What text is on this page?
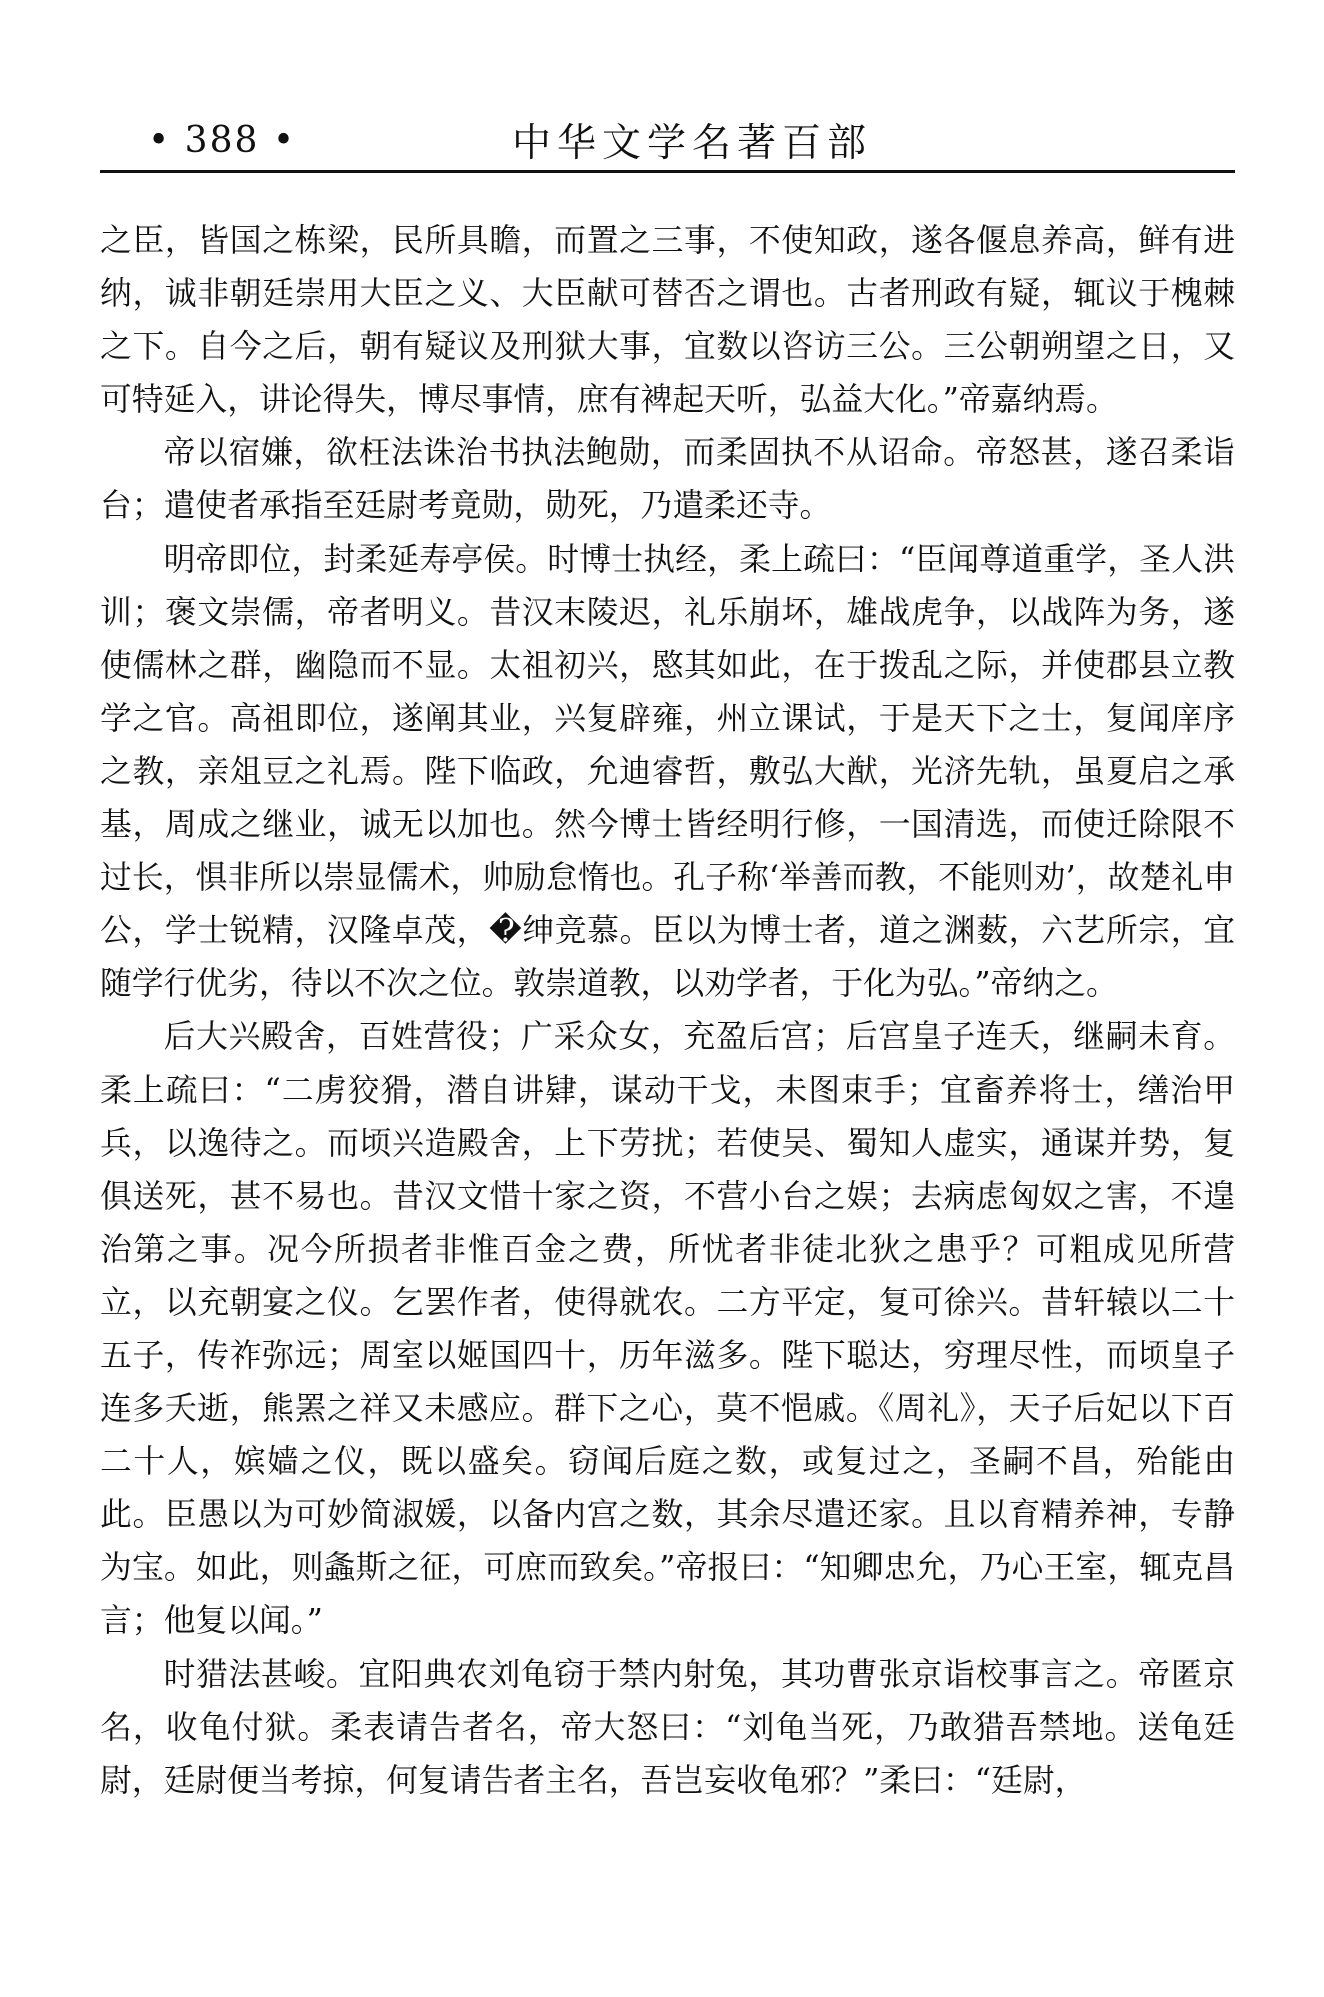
• 388 •	中华文学名著百部

之臣，皆国之栋梁，民所具瞻，而置之三事，不使知政，遂各偃息养高，鲜有进纳，诚非朝廷崇用大臣之义、大臣献可替否之谓也。古者刑政有疑，辄议于槐棘之下。自今之后，朝有疑议及刑狱大事，宜数以咨访三公。三公朝朔望之日，又可特延入，讲论得失，博尽事情，庶有裨起天听，弘益大化。”帝嘉纳焉。

帝以宿嫌，欲枉法诛治书执法鲍勋，而柔固执不从诏命。帝怒甚，遂召柔诣台；遣使者承指至廷尉考竟勋，勋死，乃遣柔还寺。

明帝即位，封柔延寿亭侯。时博士执经，柔上疏曰：“臣闻尊道重学，圣人洪训；褒文崇儒，帝者明义。昔汉末陵迟，礼乐崩坏，雄战虎争，以战阵为务，遂使儒林之群，幽隐而不显。太祖初兴，愍其如此，在于拨乱之际，并使郡县立教学之官。高祖即位，遂阐其业，兴复辟雍，州立课试，于是天下之士，复闻庠序之教，亲俎豆之礼焉。陛下临政，允迪睿哲，敷弘大猷，光济先轨，虽夏启之承基，周成之继业，诚无以加也。然今博士皆经明行修，一国清选，而使迁除限不过长，惧非所以崇显儒术，帅励怠惰也。孔子称‘举善而教，不能则劝’，故楚礼申公，学士锐精，汉隆卓茂，�绅竞慕。臣以为博士者，道之渊薮，六艺所宗，宜随学行优劣，待以不次之位。敦崇道教，以劝学者，于化为弘。”帝纳之。

后大兴殿舍，百姓营役；广采众女，充盈后宫；后宫皇子连夭，继嗣未育。柔上疏曰：“二虏狡猾，潜自讲肄，谋动干戈，未图束手；宜畜养将士，缮治甲兵，以逸待之。而顷兴造殿舍，上下劳扰；若使吴、蜀知人虚实，通谋并势，复俱送死，甚不易也。昔汉文惜十家之资，不营小台之娱；去病虑匈奴之害，不遑治第之事。况今所损者非惟百金之费，所忧者非徒北狄之患乎？可粗成见所营立，以充朝宴之仪。乞罢作者，使得就农。二方平定，复可徐兴。昔轩辕以二十五子，传祚弥远；周室以姬国四十，历年滋多。陛下聪达，穷理尽性，而顷皇子连多夭逝，熊罴之祥又未感应。群下之心，莫不悒戚。《周礼》，天子后妃以下百二十人，嫔嫱之仪，既以盛矣。窃闻后庭之数，或复过之，圣嗣不昌，殆能由此。臣愚以为可妙简淑媛，以备内宫之数，其余尽遣还家。且以育精养神，专静为宝。如此，则螽斯之征，可庶而致矣。”帝报曰：“知卿忠允，乃心王室，辄克昌言；他复以闻。”

时猎法甚峻。宜阳典农刘龟窃于禁内射兔，其功曹张京诣校事言之。帝匿京名，收龟付狱。柔表请告者名，帝大怒曰：“刘龟当死，乃敢猎吾禁地。送龟廷尉，廷尉便当考掠，何复请告者主名，吾岂妄收龟邪？”柔曰：“廷尉，
